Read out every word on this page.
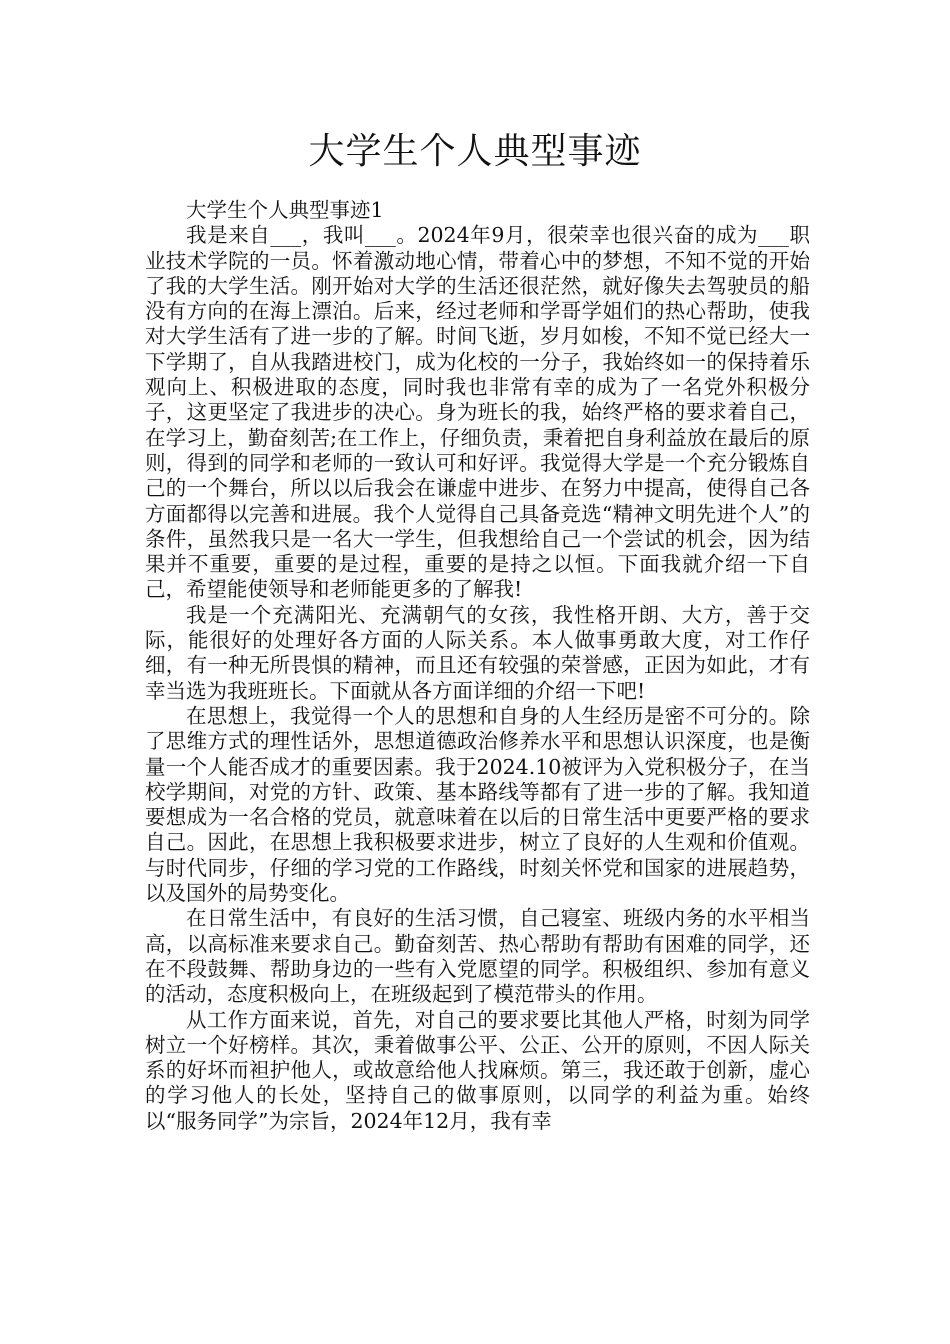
大学生个人典型事迹

大学生个人典型事迹1

我是来自___，我叫___。2024年9月，很荣幸也很兴奋的成为___职业技术学院的一员。怀着激动地心情，带着心中的梦想，不知不觉的开始了我的大学生活。刚开始对大学的生活还很茫然，就好像失去驾驶员的船没有方向的在海上漂泊。后来，经过老师和学哥学姐们的热心帮助，使我对大学生活有了进一步的了解。时间飞逝，岁月如梭，不知不觉已经大一下学期了，自从我踏进校门，成为化校的一分子，我始终如一的保持着乐观向上、积极进取的态度，同时我也非常有幸的成为了一名党外积极分子，这更坚定了我进步的决心。身为班长的我，始终严格的要求着自己，在学习上，勤奋刻苦;在工作上，仔细负责，秉着把自身利益放在最后的原则，得到的同学和老师的一致认可和好评。我觉得大学是一个充分锻炼自己的一个舞台，所以以后我会在谦虚中进步、在努力中提高，使得自己各方面都得以完善和进展。我个人觉得自己具备竞选“精神文明先进个人”的条件，虽然我只是一名大一学生，但我想给自己一个尝试的机会，因为结果并不重要，重要的是过程，重要的是持之以恒。下面我就介绍一下自己，希望能使领导和老师能更多的了解我!

我是一个充满阳光、充满朝气的女孩，我性格开朗、大方，善于交际，能很好的处理好各方面的人际关系。本人做事勇敢大度，对工作仔细，有一种无所畏惧的精神，而且还有较强的荣誉感，正因为如此，才有幸当选为我班班长。下面就从各方面详细的介绍一下吧!

在思想上，我觉得一个人的思想和自身的人生经历是密不可分的。除了思维方式的理性话外，思想道德政治修养水平和思想认识深度，也是衡量一个人能否成才的重要因素。我于2024.10被评为入党积极分子，在当校学期间，对党的方针、政策、基本路线等都有了进一步的了解。我知道要想成为一名合格的党员，就意味着在以后的日常生活中更要严格的要求自己。因此，在思想上我积极要求进步，树立了良好的人生观和价值观。与时代同步，仔细的学习党的工作路线，时刻关怀党和国家的进展趋势，以及国外的局势变化。

在日常生活中，有良好的生活习惯，自己寝室、班级内务的水平相当高，以高标准来要求自己。勤奋刻苦、热心帮助有帮助有困难的同学，还在不段鼓舞、帮助身边的一些有入党愿望的同学。积极组织、参加有意义的活动，态度积极向上，在班级起到了模范带头的作用。

从工作方面来说，首先，对自己的要求要比其他人严格，时刻为同学树立一个好榜样。其次，秉着做事公平、公正、公开的原则，不因人际关系的好坏而袒护他人，或故意给他人找麻烦。第三，我还敢于创新，虚心的学习他人的长处，坚持自己的做事原则，以同学的利益为重。始终以“服务同学”为宗旨，2024年12月，我有幸
